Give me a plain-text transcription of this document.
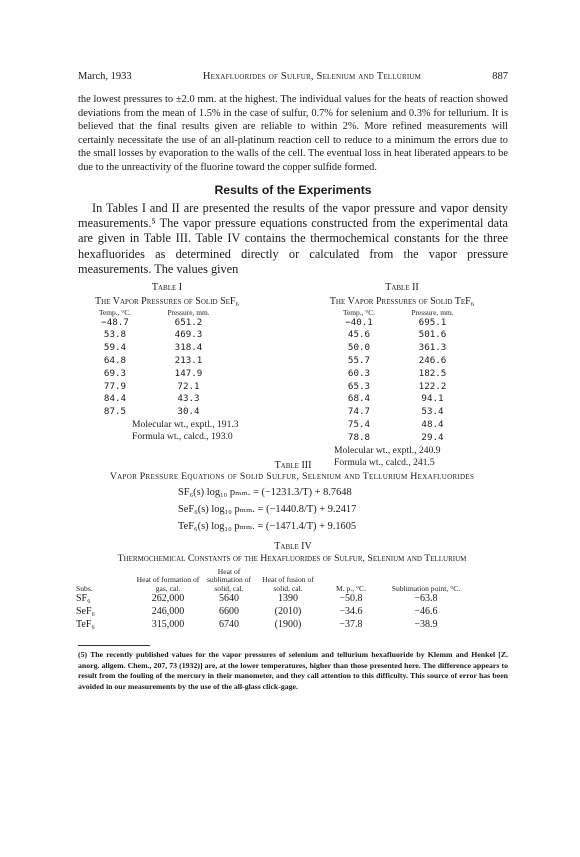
March, 1933	Hexafluorides of Sulfur, Selenium and Tellurium	887
the lowest pressures to ±2.0 mm. at the highest. The individual values for the heats of reaction showed deviations from the mean of 1.5% in the case of sulfur, 0.7% for selenium and 0.3% for tellurium. It is believed that the final results given are reliable to within 2%. More refined measurements will certainly necessitate the use of an all-platinum reaction cell to reduce to a minimum the errors due to the small losses by evaporation to the walls of the cell. The eventual loss in heat liberated appears to be due to the unreactivity of the fluorine toward the copper sulfide formed.
Results of the Experiments
In Tables I and II are presented the results of the vapor pressure and vapor density measurements.⁵ The vapor pressure equations constructed from the experimental data are given in Table III. Table IV contains the thermochemical constants for the three hexafluorides as determined directly or calculated from the vapor pressure measurements. The values given
Table I
The Vapor Pressures of Solid SeF₆
Temp., °C.	Pressure, mm.
−48.7	651.2
53.8	469.3
59.4	318.4
64.8	213.1
69.3	147.9
77.9	72.1
84.4	43.3
87.5	30.4
Molecular wt., exptl., 191.3
Formula wt., calcd., 193.0
Table II
The Vapor Pressures of Solid TeF₆
Temp., °C.	Pressure, mm.
−40.1	695.1
45.6	501.6
50.0	361.3
55.7	246.6
60.3	182.5
65.3	122.2
68.4	94.1
74.7	53.4
75.4	48.4
78.8	29.4
Molecular wt., exptl., 240.9
Formula wt., calcd., 241.5
Table III
Vapor Pressure Equations of Solid Sulfur, Selenium and Tellurium Hexafluorides
SF₆(s) log₁₀ pₘₘ. = (−1231.3/T) + 8.7648
SeF₆(s) log₁₀ pₘₘ. = (−1440.8/T) + 9.2417
TeF₆(s) log₁₀ pₘₘ. = (−1471.4/T) + 9.1605
Table IV
Thermochemical Constants of the Hexafluorides of Sulfur, Selenium and Tellurium
Subs.	Heat of formation of gas, cal.	Heat of sublimation of solid, cal.	Heat of fusion of solid, cal.	M. p., °C.	Sublimation point, °C.
SF₆	262,000	5640	1390	−50.8	−63.8
SeF₆	246,000	6600	(2010)	−34.6	−46.6
TeF₆	315,000	6740	(1900)	−37.8	−38.9
(5) The recently published values for the vapor pressures of selenium and tellurium hexafluoride by Klemm and Henkel [Z. anorg. allgem. Chem., 207, 73 (1932)] are, at the lower temperatures, higher than those presented here. The difference appears to result from the fouling of the mercury in their manometer, and they call attention to this difficulty. This source of error has been avoided in our measurements by the use of the all-glass click-gage.
